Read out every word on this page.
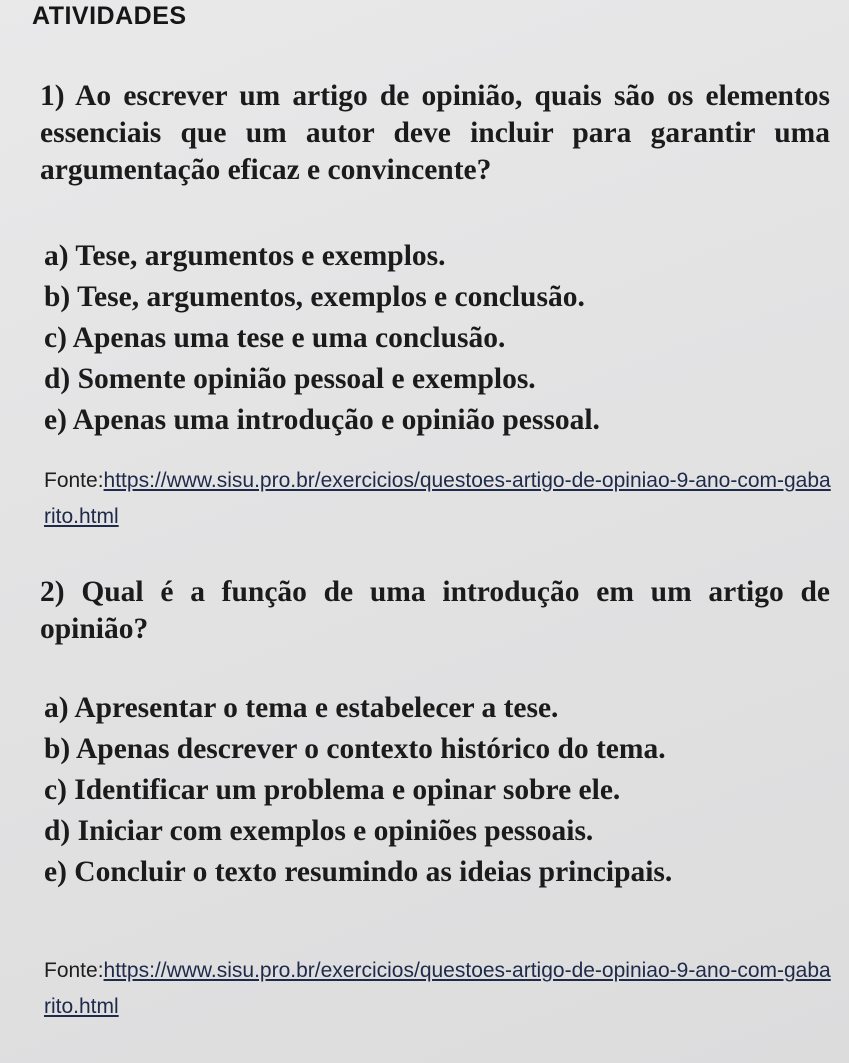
ATIVIDADES
1) Ao escrever um artigo de opinião, quais são os elementos essenciais que um autor deve incluir para garantir uma argumentação eficaz e convincente?
a) Tese, argumentos e exemplos.
b) Tese, argumentos, exemplos e conclusão.
c) Apenas uma tese e uma conclusão.
d) Somente opinião pessoal e exemplos.
e) Apenas uma introdução e opinião pessoal.
Fonte:https://www.sisu.pro.br/exercicios/questoes-artigo-de-opiniao-9-ano-com-gabarito.html
2) Qual é a função de uma introdução em um artigo de opinião?
a) Apresentar o tema e estabelecer a tese.
b) Apenas descrever o contexto histórico do tema.
c) Identificar um problema e opinar sobre ele.
d) Iniciar com exemplos e opiniões pessoais.
e) Concluir o texto resumindo as ideias principais.
Fonte:https://www.sisu.pro.br/exercicios/questoes-artigo-de-opiniao-9-ano-com-gabarito.html
